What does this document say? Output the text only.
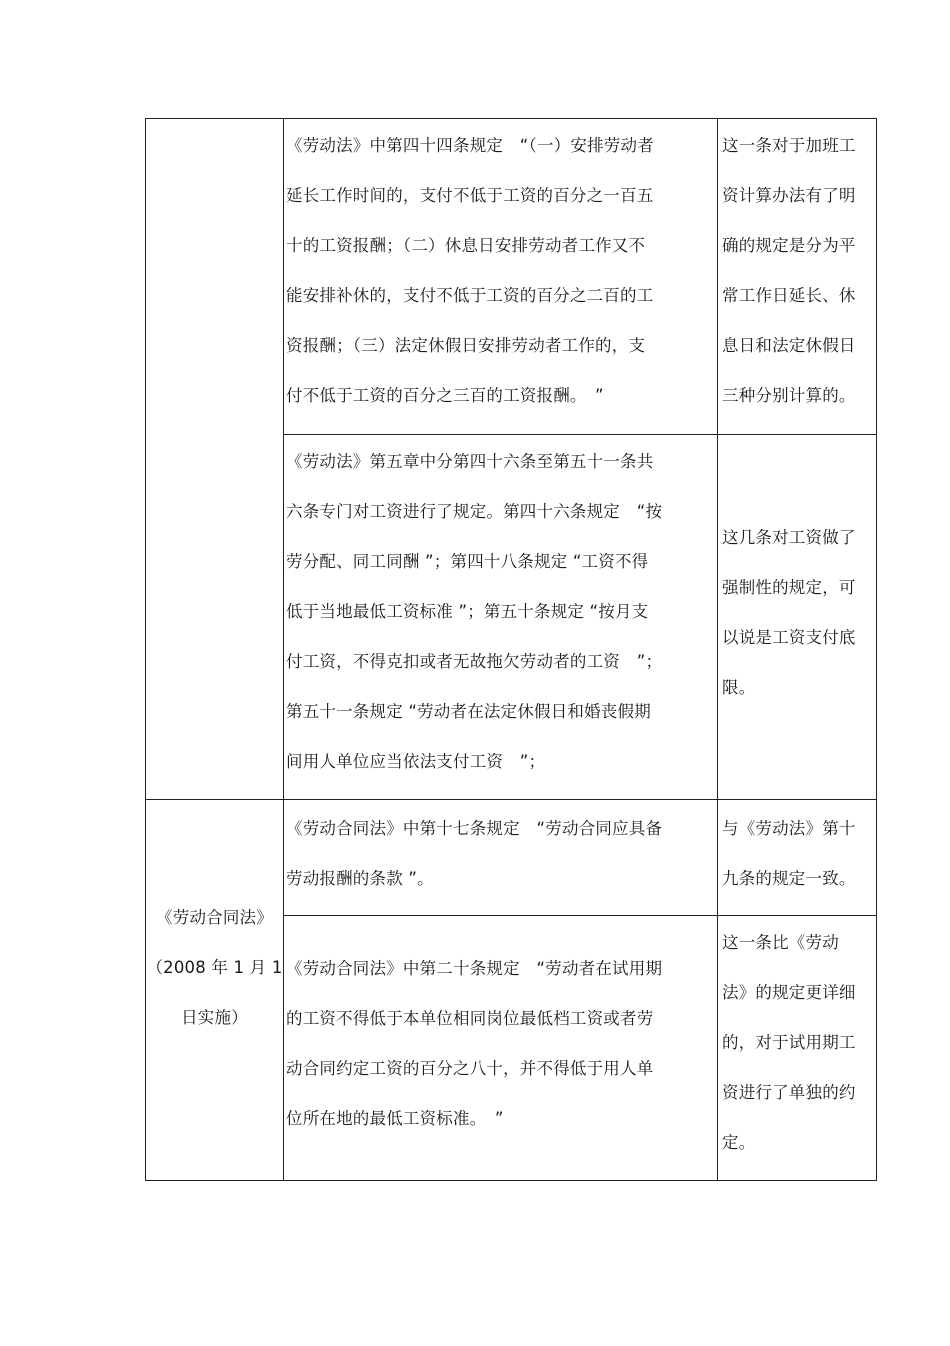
《劳动合同法》
（2008 年 1 月 1
日实施）
《劳动法》中第四十四条规定　“（一）安排劳动者
延长工作时间的，支付不低于工资的百分之一百五
十的工资报酬；（二）休息日安排劳动者工作又不
能安排补休的，支付不低于工资的百分之二百的工
资报酬；（三）法定休假日安排劳动者工作的，支
付不低于工资的百分之三百的工资报酬。　”
这一条对于加班工
资计算办法有了明
确的规定是分为平
常工作日延长、休
息日和法定休假日
三种分别计算的。
《劳动法》第五章中分第四十六条至第五十一条共
六条专门对工资进行了规定。第四十六条规定　“按
劳分配、同工同酬 ”；第四十八条规定 “工资不得
低于当地最低工资标准 ”；第五十条规定 “按月支
付工资，不得克扣或者无故拖欠劳动者的工资　”；
第五十一条规定 “劳动者在法定休假日和婚丧假期
间用人单位应当依法支付工资　”；
这几条对工资做了
强制性的规定，可
以说是工资支付底
限。
《劳动合同法》中第十七条规定　“劳动合同应具备
劳动报酬的条款 ”。
与《劳动法》第十
九条的规定一致。
《劳动合同法》中第二十条规定　“劳动者在试用期
的工资不得低于本单位相同岗位最低档工资或者劳
动合同约定工资的百分之八十，并不得低于用人单
位所在地的最低工资标准。　”
这一条比《劳动
法》的规定更详细
的，对于试用期工
资进行了单独的约
定。
